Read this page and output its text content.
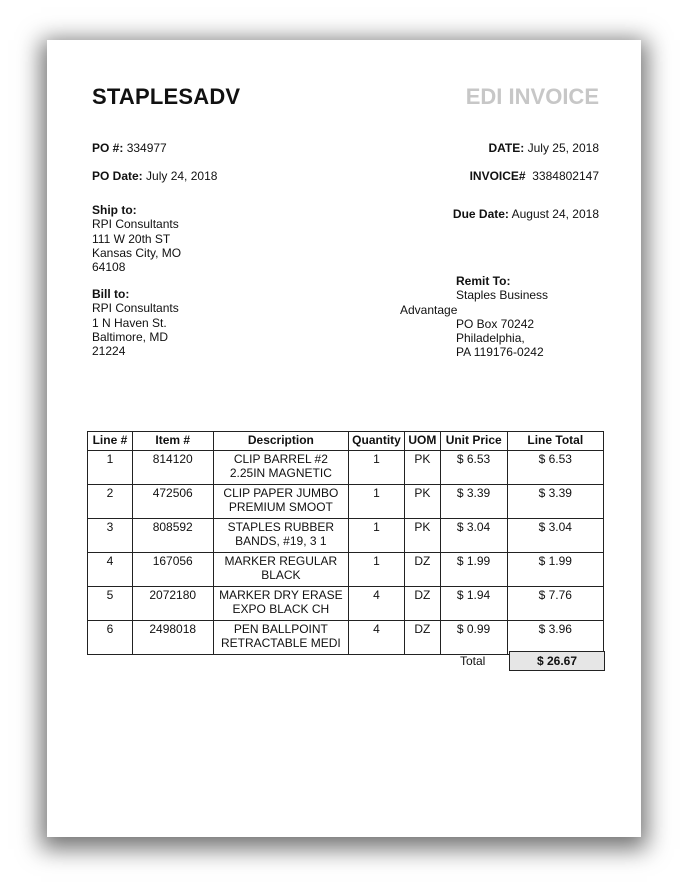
STAPLESADV	EDI INVOICE
PO #: 334977
PO Date: July 24, 2018
DATE: July 25, 2018
INVOICE# 3384802147
Due Date: August 24, 2018
Ship to:
RPI Consultants
111 W 20th ST
Kansas City, MO
64108
Bill to:
RPI Consultants
1 N Haven St.
Baltimore, MD
21224
Remit To:
Staples Business
Advantage
PO Box 70242
Philadelphia,
PA 119176-0242
Line #	Item #	Description	Quantity	UOM	Unit Price	Line Total
1	814120	CLIP BARREL #2
2.25IN MAGNETIC	1	PK	$ 6.53	$ 6.53
2	472506	CLIP PAPER JUMBO
PREMIUM SMOOT	1	PK	$ 3.39	$ 3.39
3	808592	STAPLES RUBBER
BANDS, #19, 3 1	1	PK	$ 3.04	$ 3.04
4	167056	MARKER REGULAR
BLACK	1	DZ	$ 1.99	$ 1.99
5	2072180	MARKER DRY ERASE
EXPO BLACK CH	4	DZ	$ 1.94	$ 7.76
6	2498018	PEN BALLPOINT
RETRACTABLE MEDI	4	DZ	$ 0.99	$ 3.96
Total	$ 26.67
